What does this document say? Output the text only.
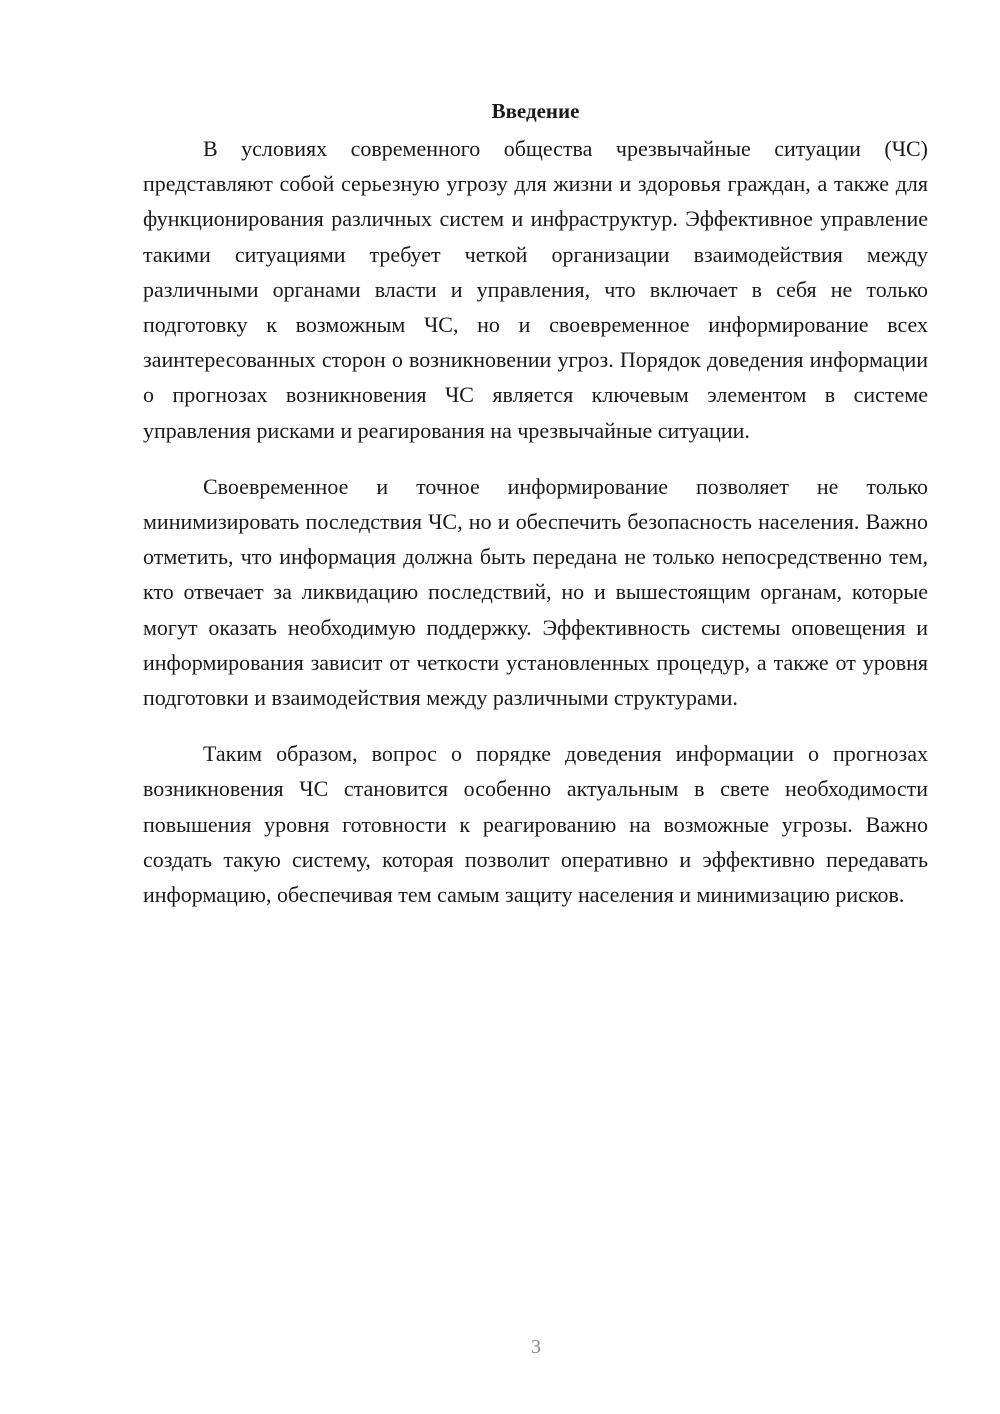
Введение

В условиях современного общества чрезвычайные ситуации (ЧС) представляют собой серьезную угрозу для жизни и здоровья граждан, а также для функционирования различных систем и инфраструктур. Эффективное управление такими ситуациями требует четкой организации взаимодействия между различными органами власти и управления, что включает в себя не только подготовку к возможным ЧС, но и своевременное информирование всех заинтересованных сторон о возникновении угроз. Порядок доведения информации о прогнозах возникновения ЧС является ключевым элементом в системе управления рисками и реагирования на чрезвычайные ситуации.

Своевременное и точное информирование позволяет не только минимизировать последствия ЧС, но и обеспечить безопасность населения. Важно отметить, что информация должна быть передана не только непосредственно тем, кто отвечает за ликвидацию последствий, но и вышестоящим органам, которые могут оказать необходимую поддержку. Эффективность системы оповещения и информирования зависит от четкости установленных процедур, а также от уровня подготовки и взаимодействия между различными структурами.

Таким образом, вопрос о порядке доведения информации о прогнозах возникновения ЧС становится особенно актуальным в свете необходимости повышения уровня готовности к реагированию на возможные угрозы. Важно создать такую систему, которая позволит оперативно и эффективно передавать информацию, обеспечивая тем самым защиту населения и минимизацию рисков.

3
